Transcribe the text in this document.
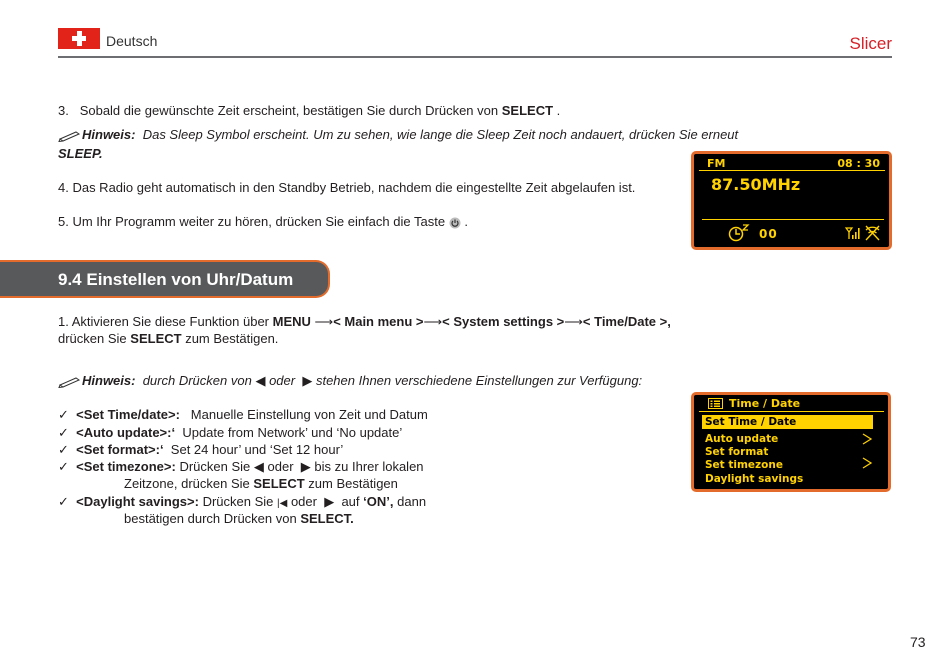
Deutsch	Slicer
3. Sobald die gewünschte Zeit erscheint, bestätigen Sie durch Drücken von SELECT .
Hinweis: Das Sleep Symbol erscheint. Um zu sehen, wie lange die Sleep Zeit noch andauert, drücken Sie erneut
SLEEP.
4. Das Radio geht automatisch in den Standby Betrieb, nachdem die eingestellte Zeit abgelaufen ist.
5. Um Ihr Programm weiter zu hören, drücken Sie einfach die Taste .
FM	08 : 30
87.50MHz
00
9.4 Einstellen von Uhr/Datum
1. Aktivieren Sie diese Funktion über MENU ⟶< Main menu >⟶< System settings >⟶< Time/Date >,
drücken Sie SELECT zum Bestätigen.
Hinweis: durch Drücken von ◀ oder ▶ stehen Ihnen verschiedene Einstellungen zur Verfügung:
✓ <Set Time/date>: Manuelle Einstellung von Zeit und Datum
✓ <Auto update>:‘ Update from Network’ und ‘No update’
✓ <Set format>:‘ Set 24 hour’ und ‘Set 12 hour’
✓ <Set timezone>: Drücken Sie ◀ oder ▶ bis zu Ihrer lokalen
Zeitzone, drücken Sie SELECT zum Bestätigen
✓ <Daylight savings>: Drücken Sie |◀ oder ▶ auf ‘ON’, dann
bestätigen durch Drücken von SELECT.
Time / Date
Set Time / Date
Auto update
Set format
Set timezone
Daylight savings
73
